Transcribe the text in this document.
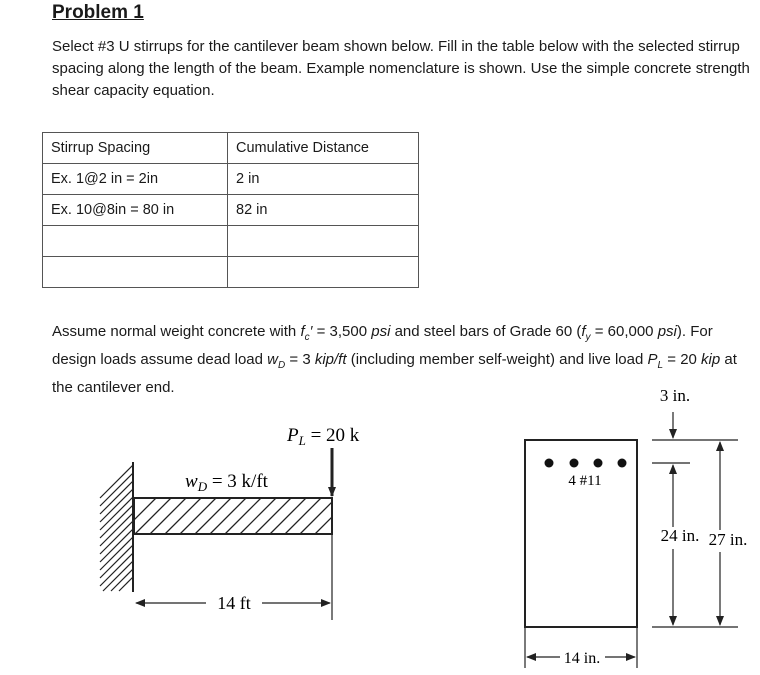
Problem 1
Select #3 U stirrups for the cantilever beam shown below. Fill in the table below with the selected stirrup spacing along the length of the beam. Example nomenclature is shown. Use the simple concrete strength shear capacity equation.
Stirrup Spacing	Cumulative Distance
Ex. 1@2 in = 2in	2 in
Ex. 10@8in = 80 in	82 in

Assume normal weight concrete with $f_c' = 3,500$ psi and steel bars of Grade 60 ($f_y = 60,000$ psi). For design loads assume dead load $w_D = 3$ kip/ft (including member self-weight) and live load $P_L = 20$ kip at the cantilever end.
$P_L = 20$ k
$w_D = 3$ k/ft
14 ft
4 #11
3 in.
24 in. 27 in.
14 in.
